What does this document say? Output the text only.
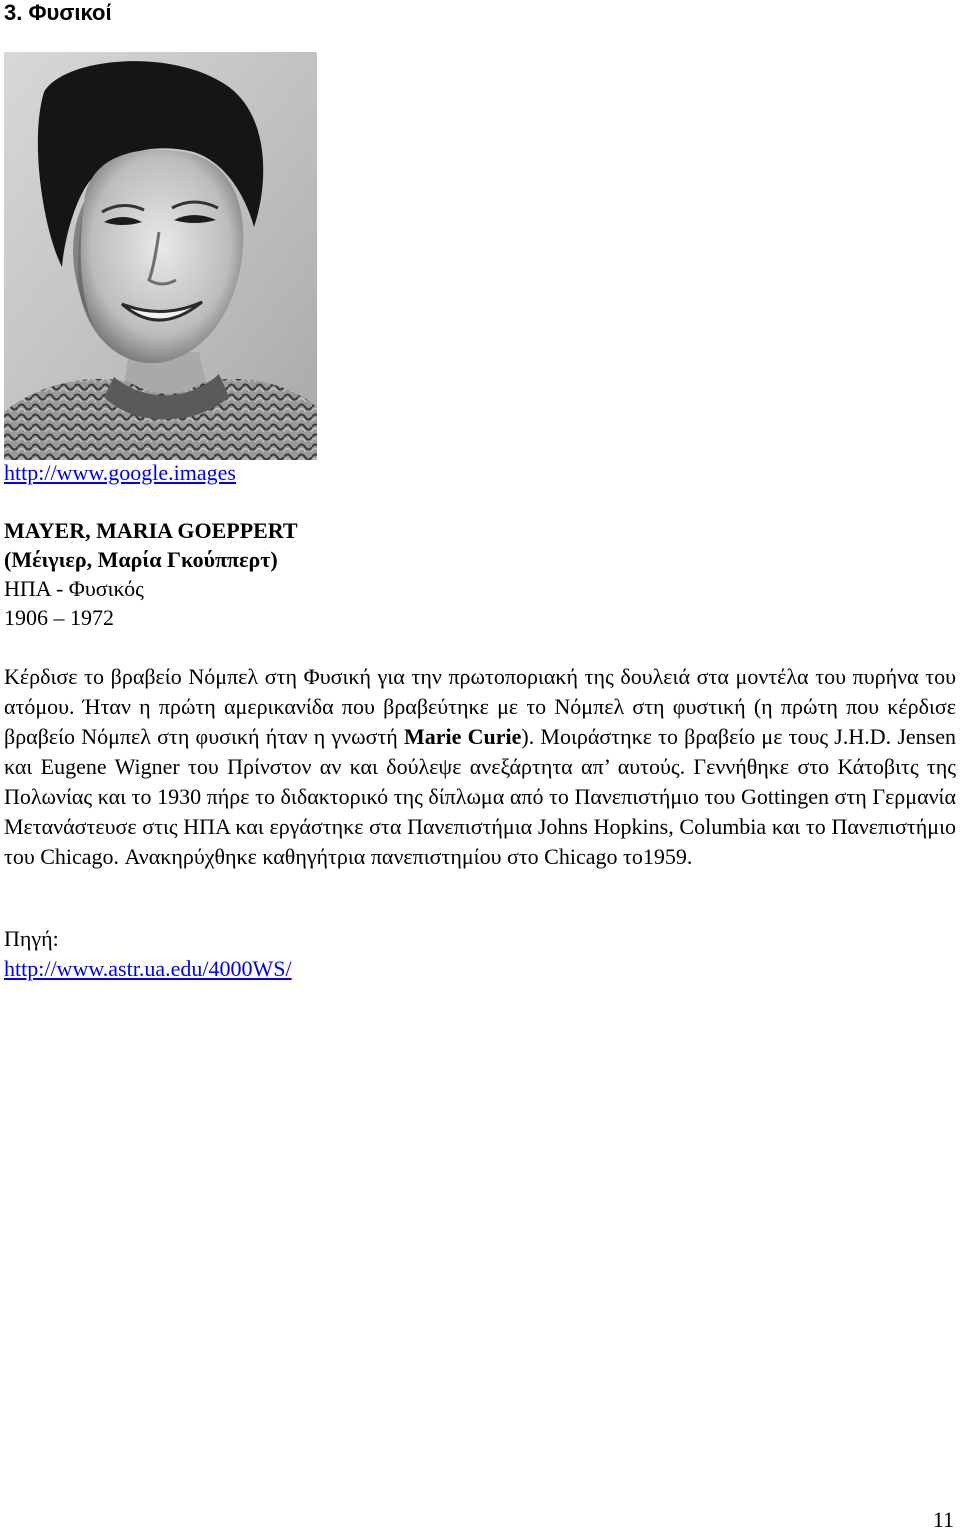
3. Φυσικοί
http://www.google.images
MAYER, MARIA GOEPPERT
(Μέιγιερ, Μαρία Γκούππερτ)
ΗΠΑ - Φυσικός
1906 – 1972

Κέρδισε το βραβείο Νόμπελ στη Φυσική για την πρωτοποριακή της δουλειά στα μοντέλα του πυρήνα του ατόμου. Ήταν η πρώτη αμερικανίδα που βραβεύτηκε με το Νόμπελ στη φυστική (η πρώτη που κέρδισε βραβείο Νόμπελ στη φυσική ήταν η γνωστή Marie Curie). Μοιράστηκε το βραβείο με τους J.H.D. Jensen και Eugene Wigner του Πρίνστον αν και δούλεψε ανεξάρτητα απ’ αυτούς. Γεννήθηκε στο Κάτοβιτς της Πολωνίας και το 1930 πήρε το διδακτορικό της δίπλωμα από το Πανεπιστήμιο του Gottingen στη Γερμανία Μετανάστευσε στις ΗΠΑ και εργάστηκε στα Πανεπιστήμια Johns Hopkins, Columbia και το Πανεπιστήμιο του Chicago. Ανακηρύχθηκε καθηγήτρια πανεπιστημίου στο Chicago το1959.

Πηγή:
http://www.astr.ua.edu/4000WS/
11
